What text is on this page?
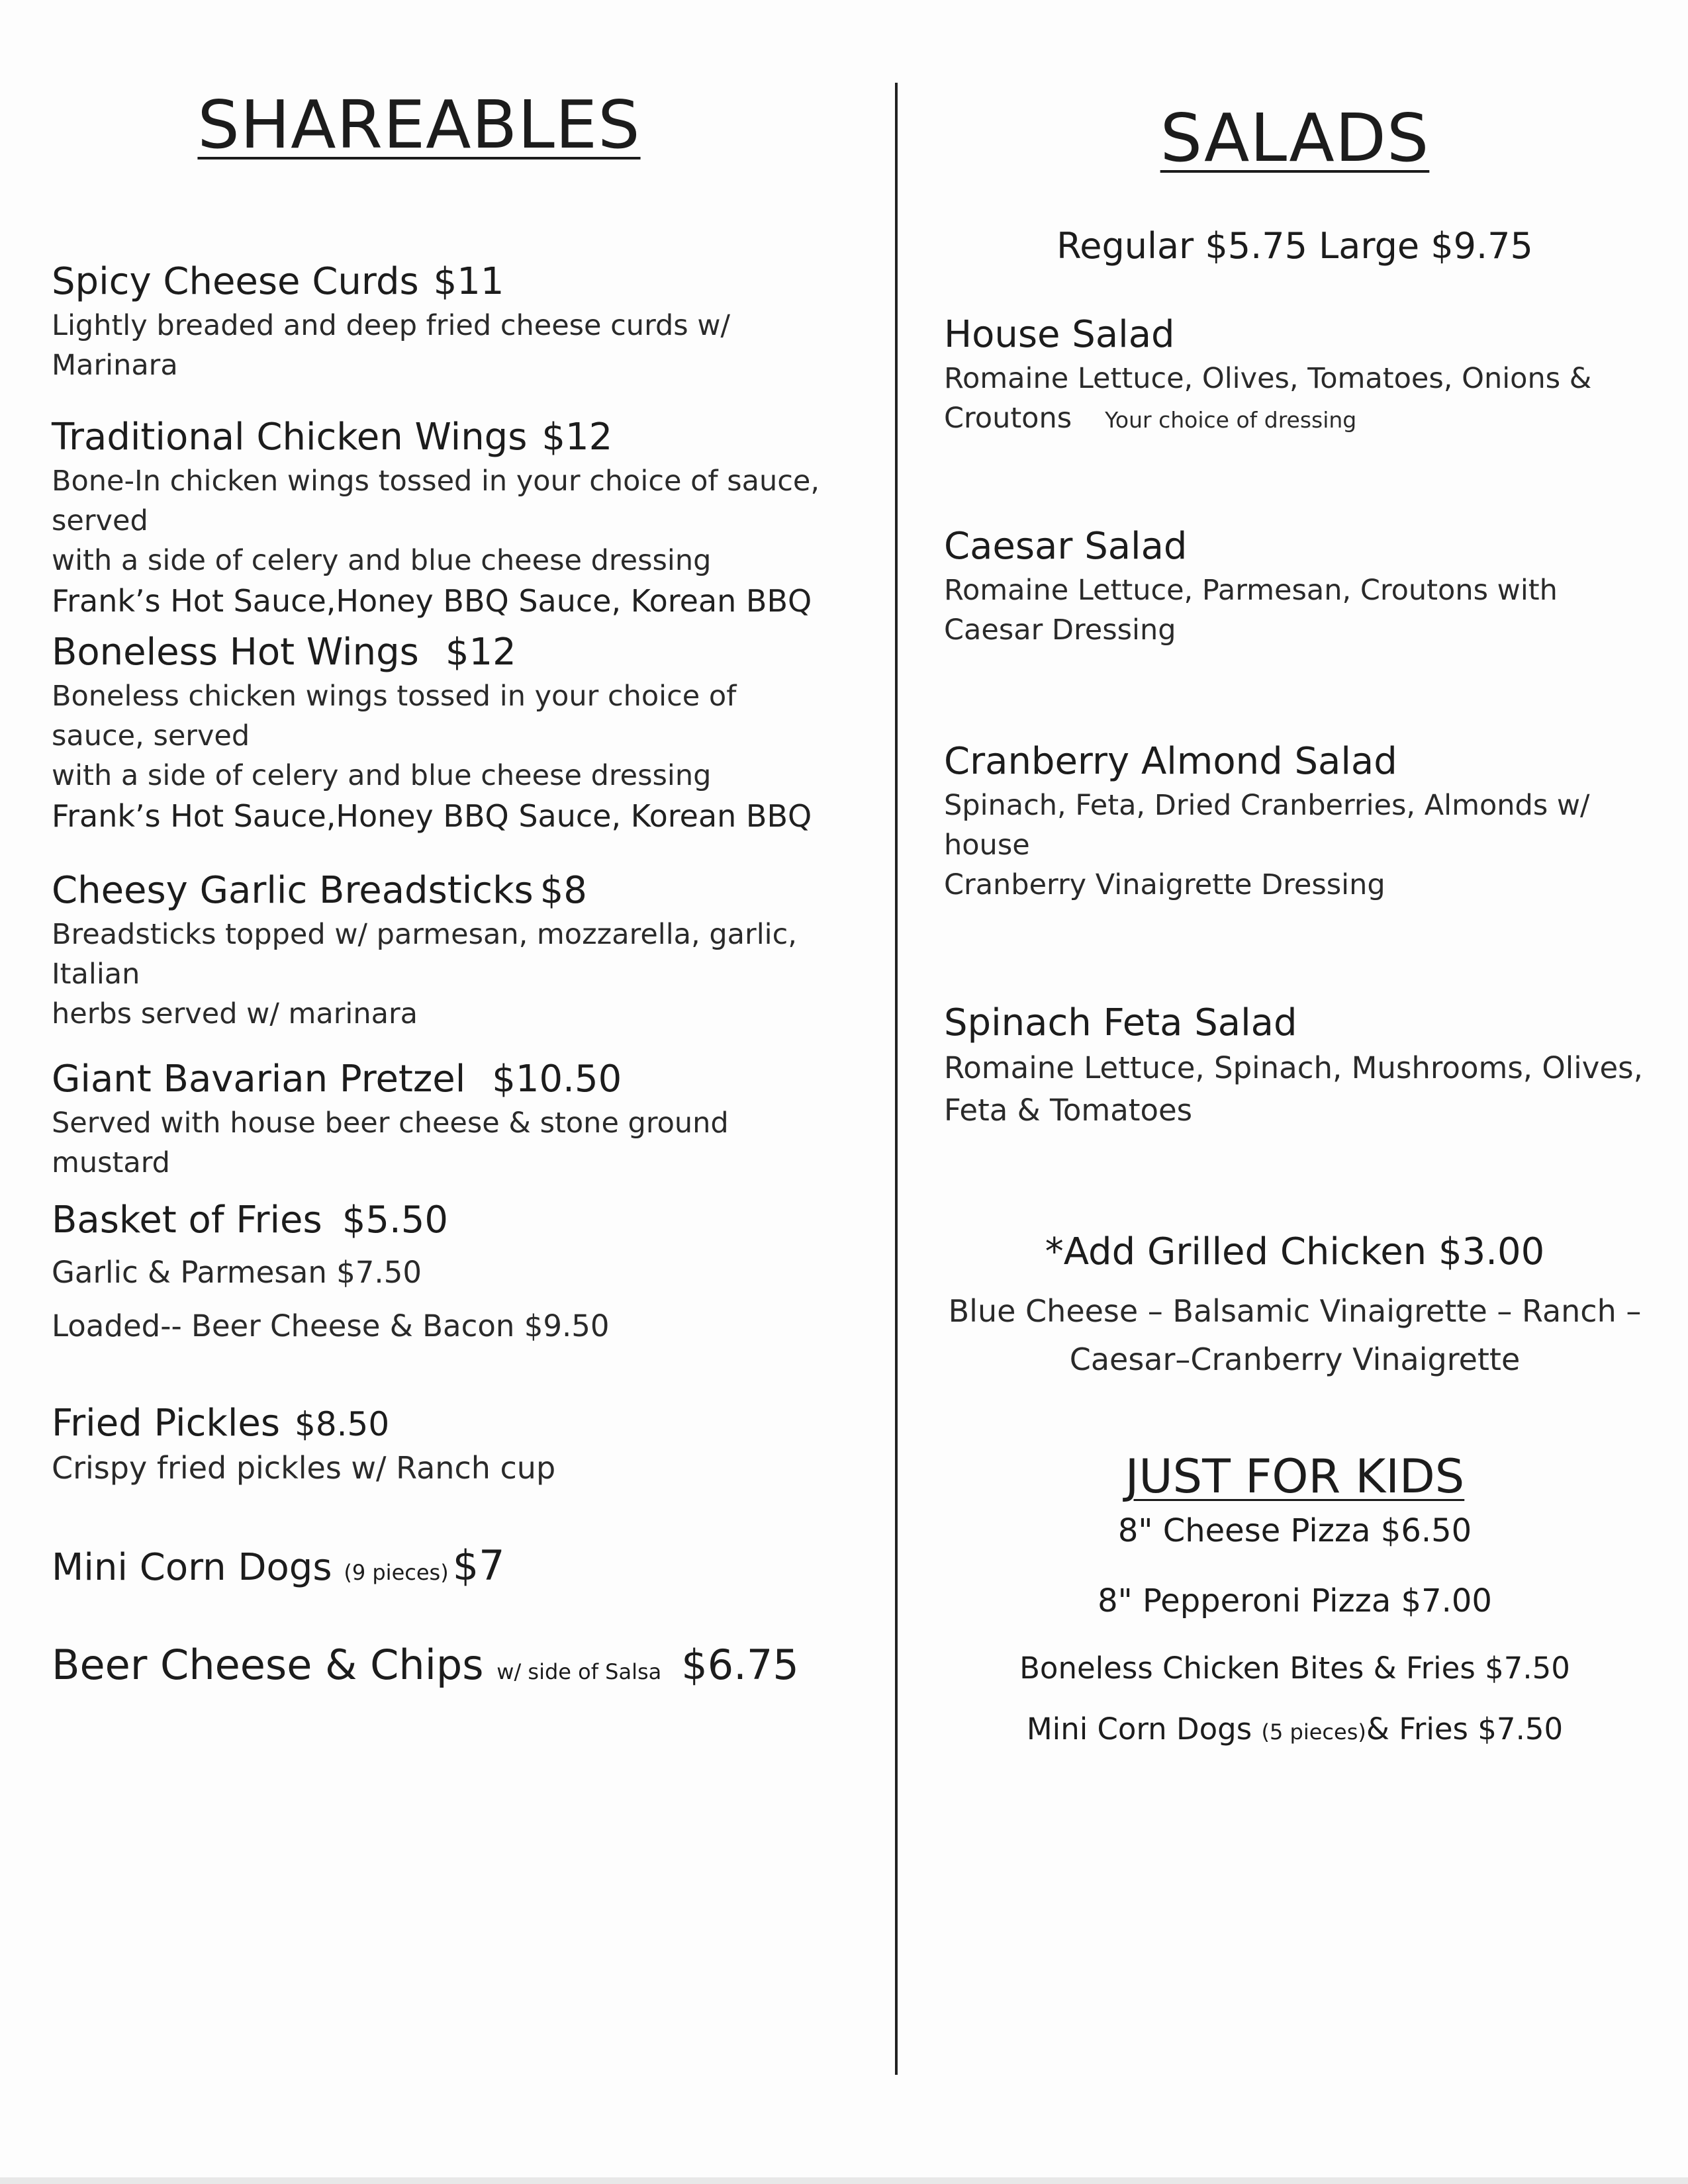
SHAREABLES
Spicy Cheese Curds $11
Lightly breaded and deep fried cheese curds w/ Marinara
Traditional Chicken Wings $12
Bone-In chicken wings tossed in your choice of sauce, served
with a side of celery and blue cheese dressing
Frank’s Hot Sauce,Honey BBQ Sauce, Korean BBQ
Boneless Hot Wings $12
Boneless chicken wings tossed in your choice of sauce, served
with a side of celery and blue cheese dressing
Frank’s Hot Sauce,Honey BBQ Sauce, Korean BBQ
Cheesy Garlic Breadsticks $8
Breadsticks topped w/ parmesan, mozzarella, garlic, Italian
herbs served w/ marinara
Giant Bavarian Pretzel $10.50
Served with house beer cheese & stone ground mustard
Basket of Fries $5.50
Garlic & Parmesan $7.50
Loaded-- Beer Cheese & Bacon $9.50
Fried Pickles $8.50
Crispy fried pickles w/ Ranch cup
Mini Corn Dogs (9 pieces)$7
Beer Cheese & Chips w/ side of Salsa $6.75
SALADS
Regular $5.75 Large $9.75
House Salad
Romaine Lettuce, Olives, Tomatoes, Onions &
Croutons Your choice of dressing
Caesar Salad
Romaine Lettuce, Parmesan, Croutons with
Caesar Dressing
Cranberry Almond Salad
Spinach, Feta, Dried Cranberries, Almonds w/ house
Cranberry Vinaigrette Dressing
Spinach Feta Salad
Romaine Lettuce, Spinach, Mushrooms, Olives,
Feta & Tomatoes
*Add Grilled Chicken $3.00
Blue Cheese – Balsamic Vinaigrette – Ranch –
Caesar–Cranberry Vinaigrette
JUST FOR KIDS
8" Cheese Pizza $6.50
8" Pepperoni Pizza $7.00
Boneless Chicken Bites & Fries $7.50
Mini Corn Dogs (5 pieces)& Fries $7.50
